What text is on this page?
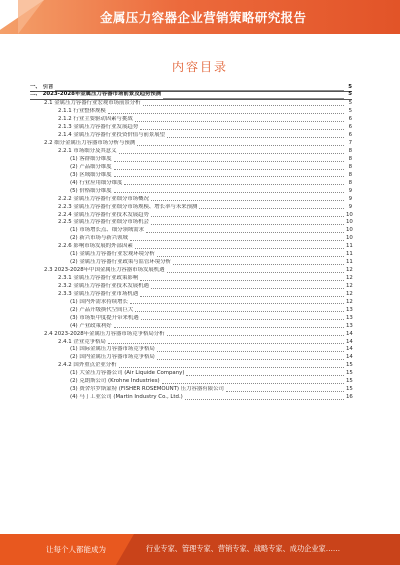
金属压力容器企业营销策略研究报告
内容目录
一、 引言	5
二、 2023-2028年金属压力容器市场前景及趋势预测	5
2.1 金属压力容器行业宏观市场前景分析	5
2.1.1 行业整体规模	5
2.1.2 行业主要驱动因素与挑战	6
2.1.3 金属压力容器行业发展趋势	6
2.1.4 金属压力容器行业投资价值与前景展望	6
2.2 细分金属压力容器市场分析与预测	7
2.2.1 市场细分及其意义	8
(1) 客群细分维度	8
(2) 产品细分维度	8
(3) 区域细分维度	8
(4) 行业应用细分维度	8
(5) 价格细分维度	9
2.2.2 金属压力容器行业细分市场概况	9
2.2.3 金属压力容器行业细分市场规模、增长率与未来预测	9
2.2.4 金属压力容器行业技术发展趋势	10
2.2.5 金属压力容器行业细分市场机会	10
(1) 市场增长点、细分领域需求	10
(2) 新兴市场与新兴领域	10
2.2.6 影响市场发展的外部因素	11
(1) 金属压力容器行业宏观环境分析	11
(2) 金属压力容器行业政策与监管环境分析	11
2.3 2023-2028年中国金属压力容器市场发展机遇	12
2.3.1 金属压力容器行业政策影响	12
2.3.2 金属压力容器行业技术发展机遇	12
2.3.3 金属压力容器行业市场机遇	12
(1) 国内外需求持续增长	12
(2) 产品升级换代空间巨大	13
(3) 市场集中度提升带来机遇	13
(4) 产业政策利好	13
2.4 2023-2028年金属压力容器市场竞争格局分析	14
2.4.1 企业竞争格局	14
(1) 国际金属压力容器市场竞争格局	14
(2) 国内金属压力容器市场竞争格局	14
2.4.2 国外重点企业分析	15
(1) 大金压力容器公司 (Air Liquide Company)	15
(2) 克朗斯公司 (Krohne Industries)	15
(3) 费舍尔罗斯蒙特 (FISHER ROSEMOUNT) 压力容器有限公司	15
(4) 马丁工业公司 (Martin Industry Co., Ltd.)	16
让每个人都能成为	行业专家、管理专家、营销专家、战略专家、成功企业家……
